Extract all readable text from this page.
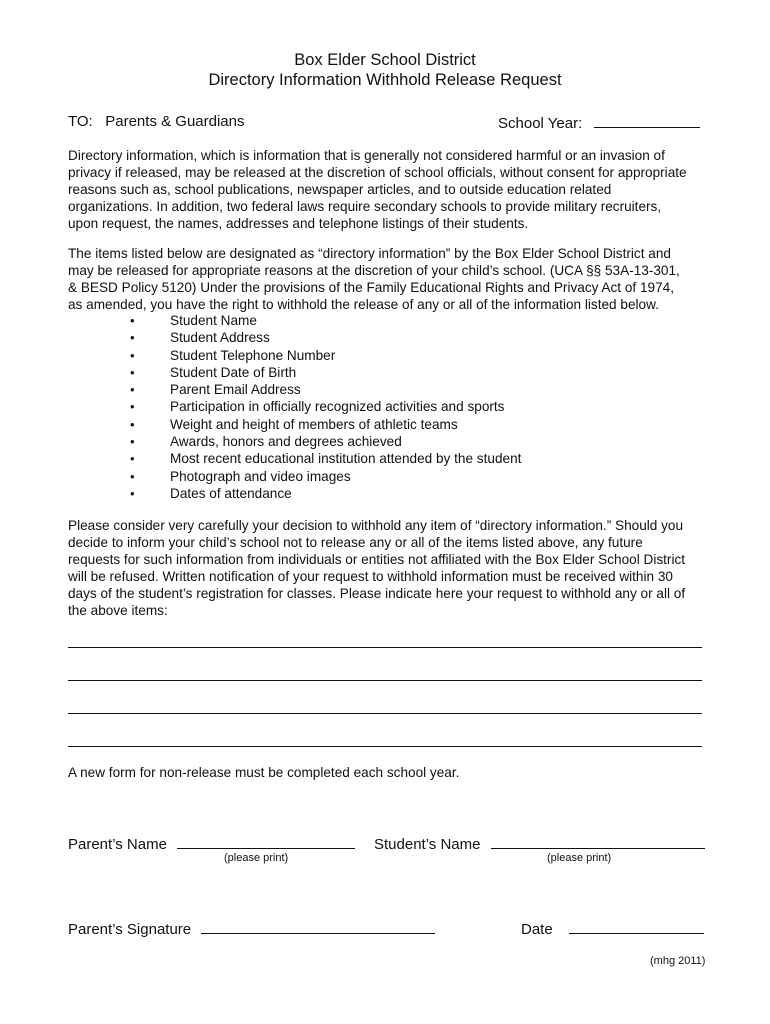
Box Elder School District
Directory Information Withhold Release Request
TO: Parents & Guardians	School Year:

Directory information, which is information that is generally not considered harmful or an invasion of
privacy if released, may be released at the discretion of school officials, without consent for appropriate
reasons such as, school publications, newspaper articles, and to outside education related
organizations. In addition, two federal laws require secondary schools to provide military recruiters,
upon request, the names, addresses and telephone listings of their students.

The items listed below are designated as “directory information” by the Box Elder School District and
may be released for appropriate reasons at the discretion of your child’s school. (UCA §§ 53A-13-301,
& BESD Policy 5120) Under the provisions of the Family Educational Rights and Privacy Act of 1974,
as amended, you have the right to withhold the release of any or all of the information listed below.

• Student Name
• Student Address
• Student Telephone Number
• Student Date of Birth
• Parent Email Address
• Participation in officially recognized activities and sports
• Weight and height of members of athletic teams
• Awards, honors and degrees achieved
• Most recent educational institution attended by the student
• Photograph and video images
• Dates of attendance

Please consider very carefully your decision to withhold any item of “directory information.” Should you
decide to inform your child’s school not to release any or all of the items listed above, any future
requests for such information from individuals or entities not affiliated with the Box Elder School District
will be refused. Written notification of your request to withhold information must be received within 30
days of the student’s registration for classes. Please indicate here your request to withhold any or all of
the above items:

A new form for non-release must be completed each school year.
Parent’s Name
(please print)
Student’s Name
(please print)
Parent’s Signature	Date
(mhg 2011)
